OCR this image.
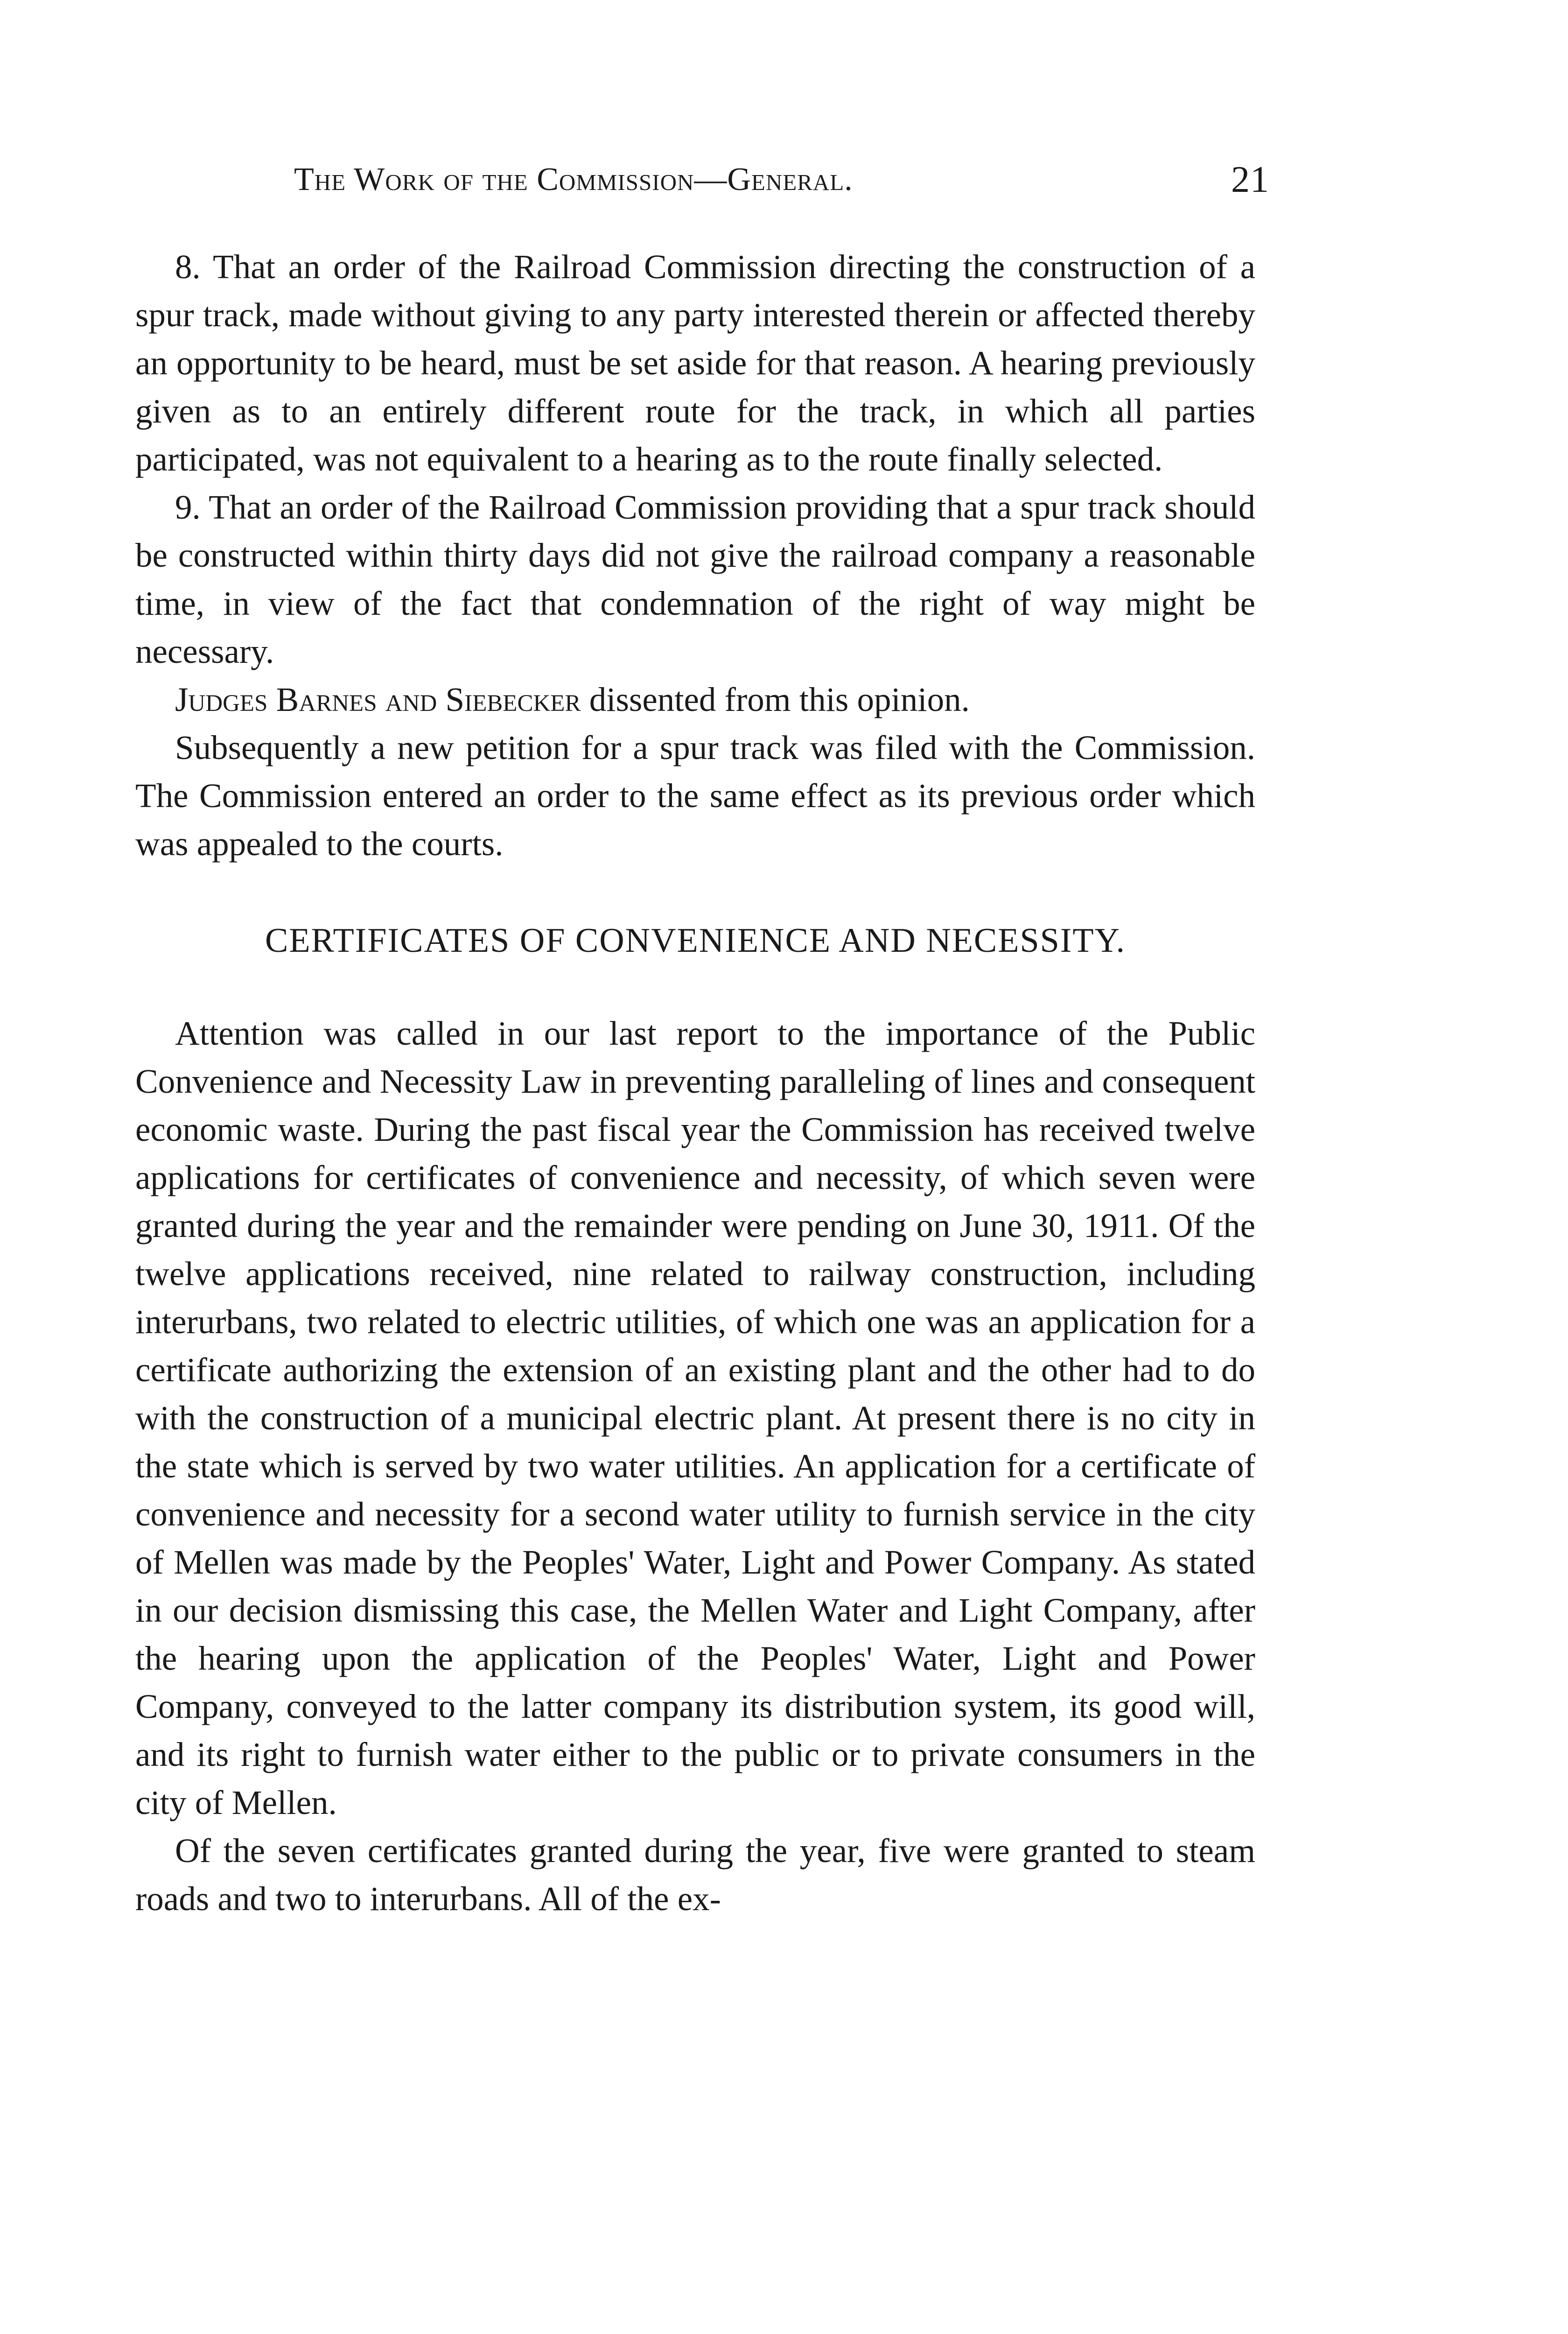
The Work of the Commission—General.	21

8. That an order of the Railroad Commission directing the construction of a spur track, made without giving to any party interested therein or affected thereby an opportunity to be heard, must be set aside for that reason. A hearing previously given as to an entirely different route for the track, in which all parties participated, was not equivalent to a hearing as to the route finally selected.

9. That an order of the Railroad Commission providing that a spur track should be constructed within thirty days did not give the railroad company a reasonable time, in view of the fact that condemnation of the right of way might be necessary.

Judges Barnes and Siebecker dissented from this opinion.

Subsequently a new petition for a spur track was filed with the Commission. The Commission entered an order to the same effect as its previous order which was appealed to the courts.

CERTIFICATES OF CONVENIENCE AND NECESSITY.

Attention was called in our last report to the importance of the Public Convenience and Necessity Law in preventing paralleling of lines and consequent economic waste. During the past fiscal year the Commission has received twelve applications for certificates of convenience and necessity, of which seven were granted during the year and the remainder were pending on June 30, 1911. Of the twelve applications received, nine related to railway construction, including interurbans, two related to electric utilities, of which one was an application for a certificate authorizing the extension of an existing plant and the other had to do with the construction of a municipal electric plant. At present there is no city in the state which is served by two water utilities. An application for a certificate of convenience and necessity for a second water utility to furnish service in the city of Mellen was made by the Peoples' Water, Light and Power Company. As stated in our decision dismissing this case, the Mellen Water and Light Company, after the hearing upon the application of the Peoples' Water, Light and Power Company, conveyed to the latter company its distribution system, its good will, and its right to furnish water either to the public or to private consumers in the city of Mellen.

Of the seven certificates granted during the year, five were granted to steam roads and two to interurbans. All of the ex-
